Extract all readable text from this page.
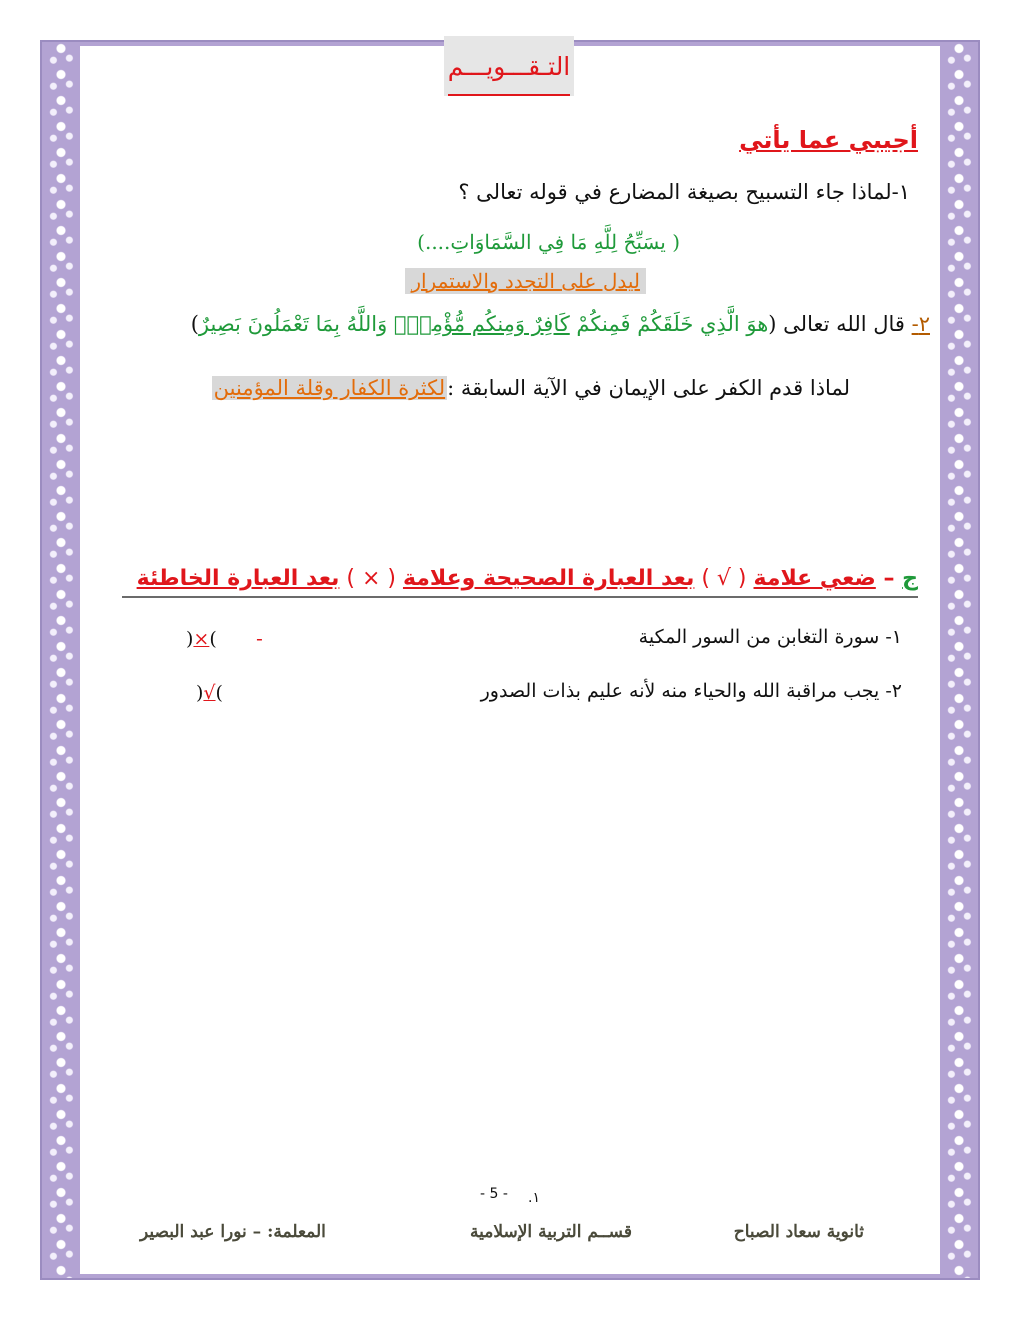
التـقـــويـــم
أجيبي عما يأتي
١-لماذا جاء التسبيح بصيغة المضارع في قوله تعالى ؟
( يسَبِّحُ لِلَّهِ مَا فِي السَّمَاوَاتِ....)
ليدل على التجدد والاستمرار
٢- قال الله تعالى (هوَ الَّذِي خَلَقَكُمْ فَمِنكُمْ كَافِرٌ وَمِنكُم مُّؤْمِنٌۚ وَاللَّهُ بِمَا تَعْمَلُونَ بَصِيرٌ)
لماذا قدم الكفر على الإيمان في الآية السابقة :لكثرة الكفار وقلة المؤمنين
ج – ضعي علامة ( √ ) بعد العبارة الصحيحة وعلامة ( × ) بعد العبارة الخاطئة
١- سورة التغابن من السور المكية
-
)×(
٢- يجب مراقبة الله والحياء منه لأنه عليم بذات الصدور
)√(
- 5 - ١.
ثانوية سعاد الصباح
قســم التربية الإسلامية
المعلمة: – نورا عبد البصير
